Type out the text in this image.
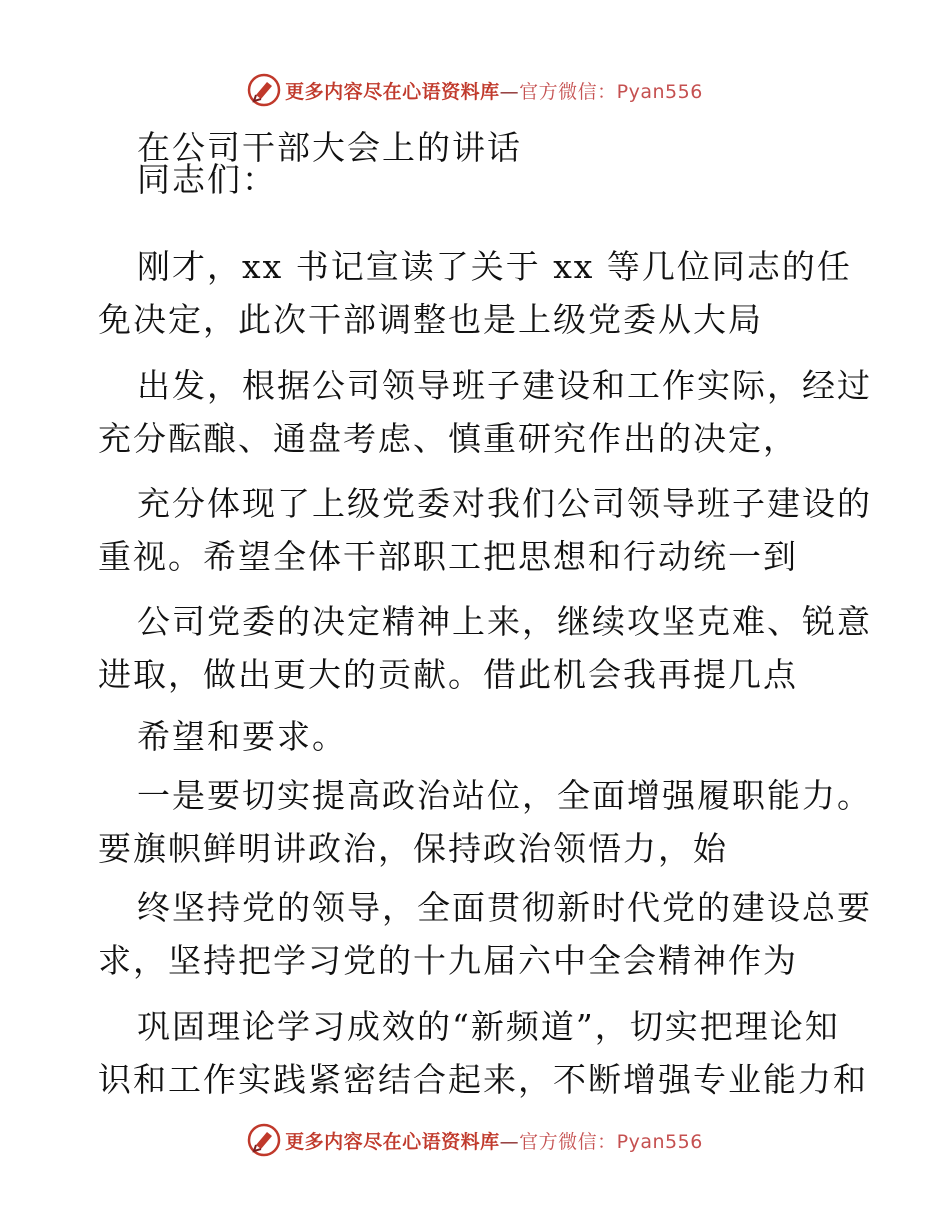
更多内容尽在心语资料库—官方微信：Pyan556
在公司干部大会上的讲话
同志们：
刚才，xx 书记宣读了关于 xx 等几位同志的任
免决定，此次干部调整也是上级党委从大局
出发，根据公司领导班子建设和工作实际，经过
充分酝酿、通盘考虑、慎重研究作出的决定，
充分体现了上级党委对我们公司领导班子建设的
重视。希望全体干部职工把思想和行动统一到
公司党委的决定精神上来，继续攻坚克难、锐意
进取，做出更大的贡献。借此机会我再提几点
希望和要求。
一是要切实提高政治站位，全面增强履职能力。
要旗帜鲜明讲政治，保持政治领悟力，始
终坚持党的领导，全面贯彻新时代党的建设总要
求，坚持把学习党的十九届六中全会精神作为
巩固理论学习成效的“新频道”，切实把理论知
识和工作实践紧密结合起来，不断增强专业能力和
更多内容尽在心语资料库—官方微信：Pyan556
